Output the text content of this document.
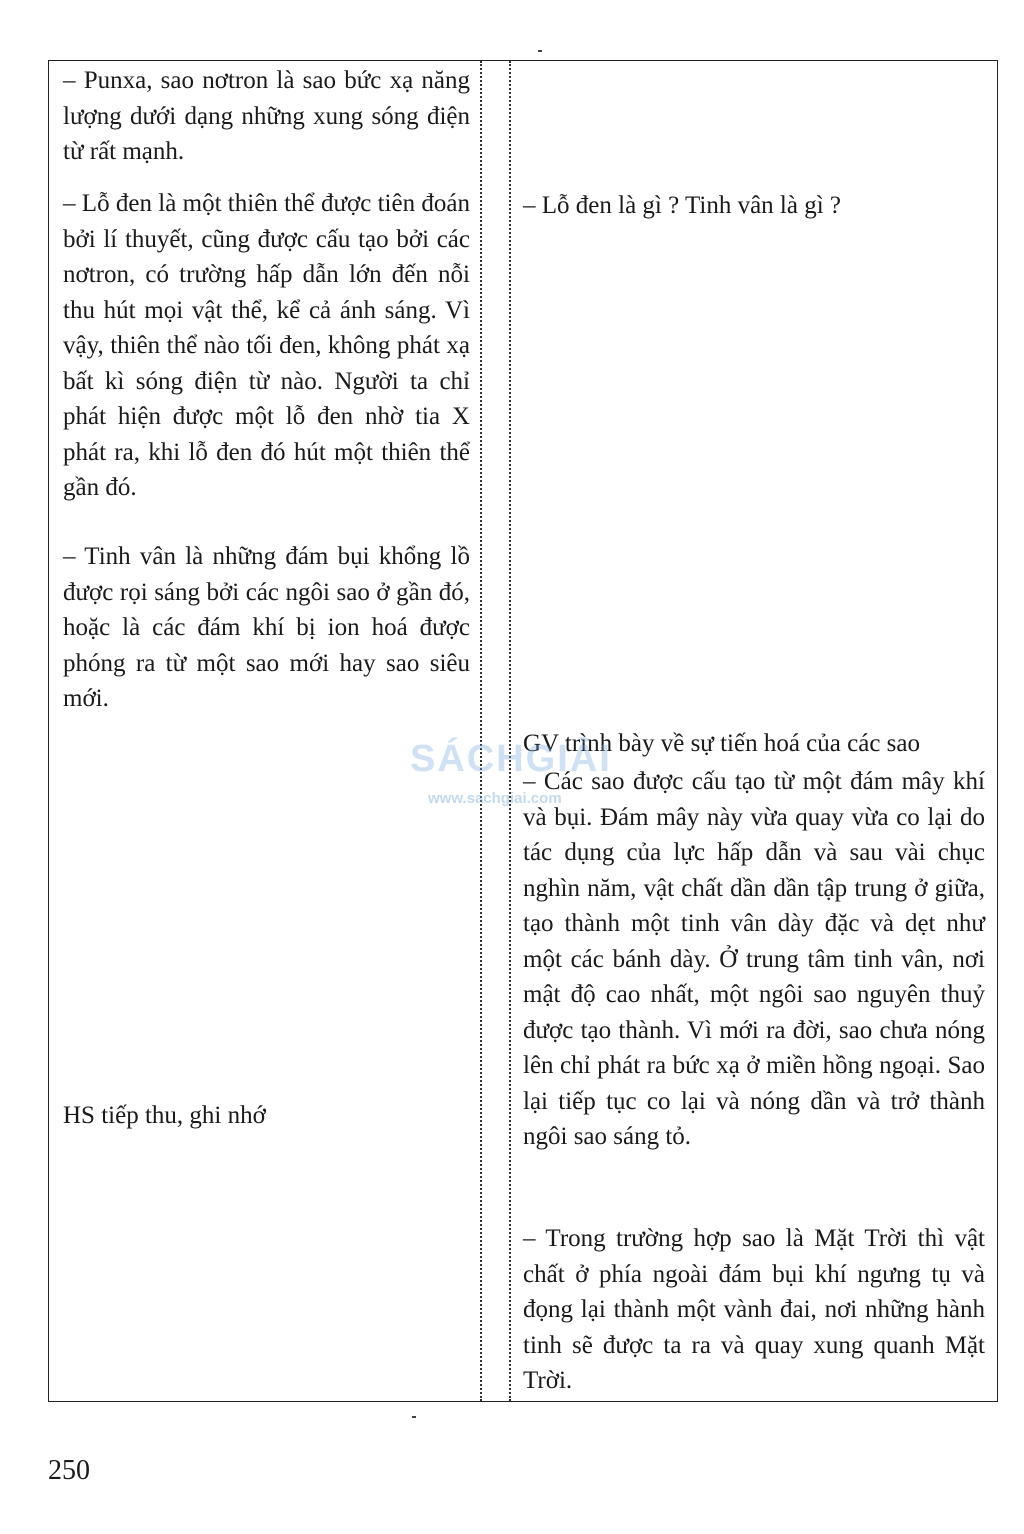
– Punxa, sao nơtron là sao bức xạ năng lượng dưới dạng những xung sóng điện từ rất mạnh.

– Lỗ đen là một thiên thể được tiên đoán bởi lí thuyết, cũng được cấu tạo bởi các nơtron, có trường hấp dẫn lớn đến nỗi thu hút mọi vật thể, kể cả ánh sáng. Vì vậy, thiên thể nào tối đen, không phát xạ bất kì sóng điện từ nào. Người ta chỉ phát hiện được một lỗ đen nhờ tia X phát ra, khi lỗ đen đó hút một thiên thể gần đó.

– Tinh vân là những đám bụi khổng lồ được rọi sáng bởi các ngôi sao ở gần đó, hoặc là các đám khí bị ion hoá được phóng ra từ một sao mới hay sao siêu mới.

HS tiếp thu, ghi nhớ

– Lỗ đen là gì ? Tinh vân là gì ?

GV trình bày về sự tiến hoá của các sao

– Các sao được cấu tạo từ một đám mây khí và bụi. Đám mây này vừa quay vừa co lại do tác dụng của lực hấp dẫn và sau vài chục nghìn năm, vật chất dần dần tập trung ở giữa, tạo thành một tinh vân dày đặc và dẹt như một các bánh dày. Ở trung tâm tinh vân, nơi mật độ cao nhất, một ngôi sao nguyên thuỷ được tạo thành. Vì mới ra đời, sao chưa nóng lên chỉ phát ra bức xạ ở miền hồng ngoại. Sao lại tiếp tục co lại và nóng dần và trở thành ngôi sao sáng tỏ.

– Trong trường hợp sao là Mặt Trời thì vật chất ở phía ngoài đám bụi khí ngưng tụ và đọng lại thành một vành đai, nơi những hành tinh sẽ được ta ra và quay xung quanh Mặt Trời.

SÁCHGIẢI
www.sachgiai.com
250
